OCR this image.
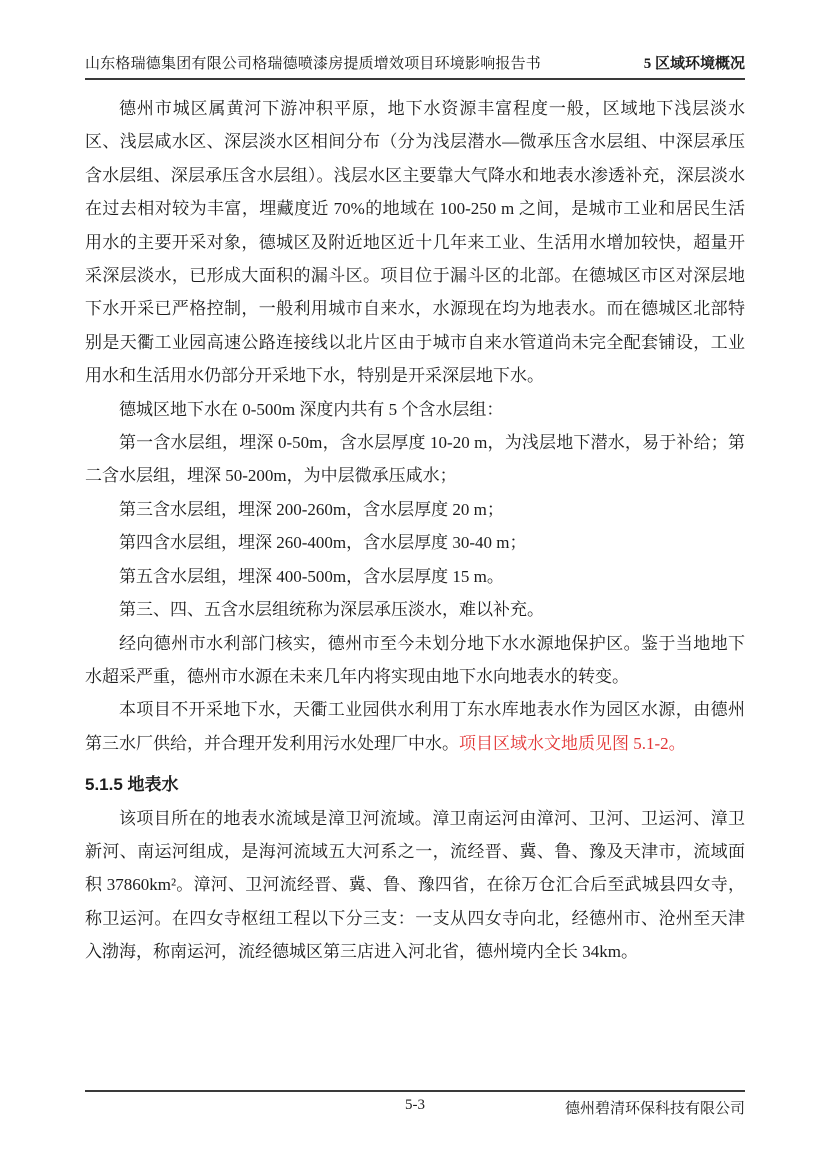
山东格瑞德集团有限公司格瑞德喷漆房提质增效项目环境影响报告书	5 区域环境概况

德州市城区属黄河下游冲积平原，地下水资源丰富程度一般，区域地下浅层淡水区、浅层咸水区、深层淡水区相间分布（分为浅层潜水—微承压含水层组、中深层承压含水层组、深层承压含水层组）。浅层水区主要靠大气降水和地表水渗透补充，深层淡水在过去相对较为丰富，埋藏度近 70%的地域在 100-250 m 之间，是城市工业和居民生活用水的主要开采对象，德城区及附近地区近十几年来工业、生活用水增加较快，超量开采深层淡水，已形成大面积的漏斗区。项目位于漏斗区的北部。在德城区市区对深层地下水开采已严格控制，一般利用城市自来水，水源现在均为地表水。而在德城区北部特别是天衢工业园高速公路连接线以北片区由于城市自来水管道尚未完全配套铺设，工业用水和生活用水仍部分开采地下水，特别是开采深层地下水。

德城区地下水在 0-500m 深度内共有 5 个含水层组：

第一含水层组，埋深 0-50m，含水层厚度 10-20 m，为浅层地下潜水，易于补给；第二含水层组，埋深 50-200m，为中层微承压咸水；

第三含水层组，埋深 200-260m，含水层厚度 20 m；

第四含水层组，埋深 260-400m，含水层厚度 30-40 m；

第五含水层组，埋深 400-500m，含水层厚度 15 m。

第三、四、五含水层组统称为深层承压淡水，难以补充。

经向德州市水利部门核实，德州市至今未划分地下水水源地保护区。鉴于当地地下水超采严重，德州市水源在未来几年内将实现由地下水向地表水的转变。

本项目不开采地下水，天衢工业园供水利用丁东水库地表水作为园区水源，由德州第三水厂供给，并合理开发利用污水处理厂中水。项目区域水文地质见图 5.1-2。

5.1.5 地表水

该项目所在的地表水流域是漳卫河流域。漳卫南运河由漳河、卫河、卫运河、漳卫新河、南运河组成，是海河流域五大河系之一，流经晋、冀、鲁、豫及天津市，流域面积 37860km²。漳河、卫河流经晋、冀、鲁、豫四省，在徐万仓汇合后至武城县四女寺，称卫运河。在四女寺枢纽工程以下分三支：一支从四女寺向北，经德州市、沧州至天津入渤海，称南运河，流经德城区第三店进入河北省，德州境内全长 34km。

5-3	德州碧清环保科技有限公司
